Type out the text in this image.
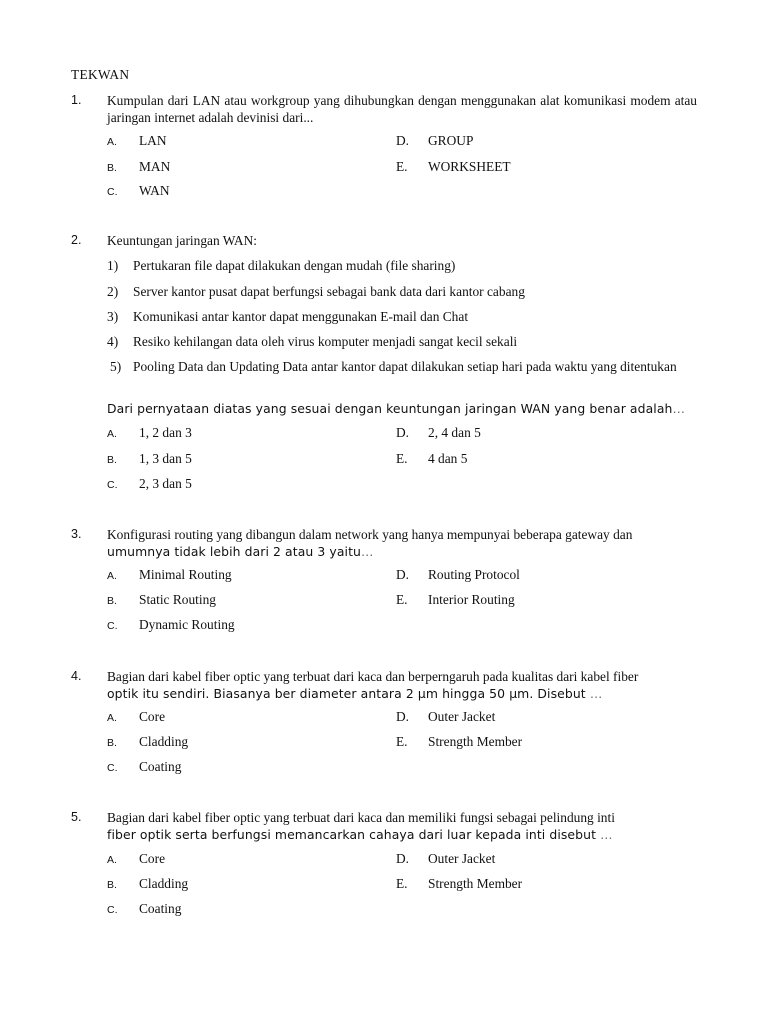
TEKWAN
1. Kumpulan dari LAN atau workgroup yang dihubungkan dengan menggunakan alat komunikasi modem atau jaringan internet adalah devinisi dari...
A. LAN
B. MAN
C. WAN
D. GROUP
E. WORKSHEET
2. Keuntungan jaringan WAN:
1) Pertukaran file dapat dilakukan dengan mudah (file sharing)
2) Server kantor pusat dapat berfungsi sebagai bank data dari kantor cabang
3) Komunikasi antar kantor dapat menggunakan E-mail dan Chat
4) Resiko kehilangan data oleh virus komputer menjadi sangat kecil sekali
5) Pooling Data dan Updating Data antar kantor dapat dilakukan setiap hari pada waktu yang ditentukan
Dari pernyataan diatas yang sesuai dengan keuntungan jaringan WAN yang benar adalah…
A. 1, 2 dan 3
B. 1, 3 dan 5
C. 2, 3 dan 5
D. 2, 4 dan 5
E. 4 dan 5
3. Konfigurasi routing yang dibangun dalam network yang hanya mempunyai beberapa gateway dan
umumnya tidak lebih dari 2 atau 3 yaitu…
A. Minimal Routing
B. Static Routing
C. Dynamic Routing
D. Routing Protocol
E. Interior Routing
4. Bagian dari kabel fiber optic yang terbuat dari kaca dan berperngaruh pada kualitas dari kabel fiber
optik itu sendiri. Biasanya ber diameter antara 2 µm hingga 50 µm. Disebut …
A. Core
B. Cladding
C. Coating
D. Outer Jacket
E. Strength Member
5. Bagian dari kabel fiber optic yang terbuat dari kaca dan memiliki fungsi sebagai pelindung inti
fiber optik serta berfungsi memancarkan cahaya dari luar kepada inti disebut …
A. Core
B. Cladding
C. Coating
D. Outer Jacket
E. Strength Member
